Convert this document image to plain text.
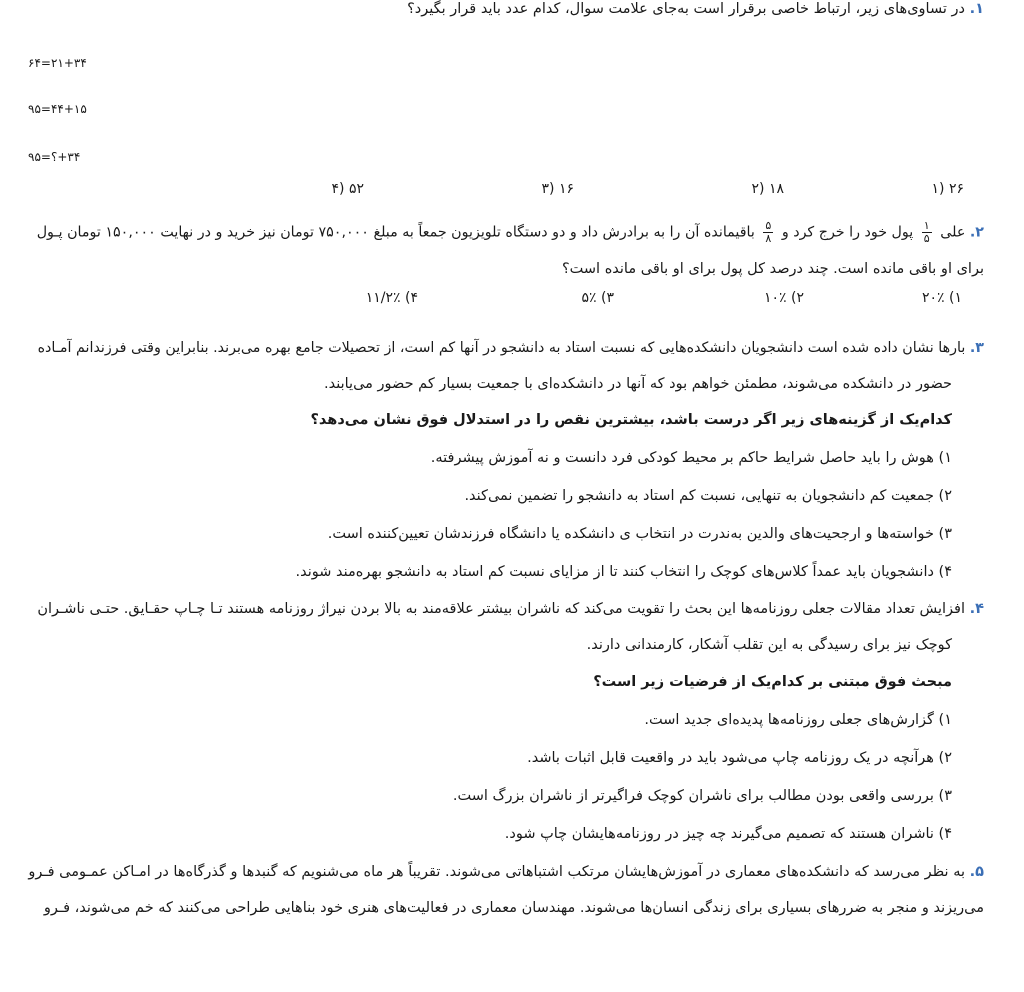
۱. در تساوی‌های زیر، ارتباط خاصی برقرار است به‌جای علامت سوال، کدام عدد باید قرار بگیرد؟
۲۱+۳۴=۶۴
۴۴+۱۵=۹۵
۳۴+؟=۹۵
۲۶ (۱
۱۸ (۲
۱۶ (۳
۵۲ (۴
۲. علی
$\frac{۱}{۵}$
پول خود را خرج کرد و
$\frac{۵}{۸}$
باقیمانده آن را به برادرش داد و دو دستگاه تلویزیون جمعاً به مبلغ ۷۵۰,۰۰۰ تومان نیز خرید و در نهایت ۱۵۰,۰۰۰ تومان پـول
برای او باقی مانده است. چند درصد کل پول برای او باقی مانده است؟
۱) ۲۰٪
۲) ۱۰٪
۳) ۵٪
۴) ۱۱/۲٪
۳. بارها نشان داده شده است دانشجویان دانشکده‌هایی که نسبت استاد به دانشجو در آنها کم است، از تحصیلات جامع بهره می‌برند. بنابراین وقتی فرزندانم آمـاده
حضور در دانشکده می‌شوند، مطمئن خواهم بود که آنها در دانشکده‌ای با جمعیت بسیار کم حضور می‌یابند.
کدام‌یک از گزینه‌های زیر اگر درست باشد، بیشترین نقص را در استدلال فوق نشان می‌دهد؟
۱) هوش را باید حاصل شرایط حاکم بر محیط کودکی فرد دانست و نه آموزش پیشرفته.
۲) جمعیت کم دانشجویان به تنهایی، نسبت کم استاد به دانشجو را تضمین نمی‌کند.
۳) خواسته‌ها و ارجحیت‌های والدین به‌ندرت در انتخاب ی دانشکده یا دانشگاه فرزندشان تعیین‌کننده است.
۴) دانشجویان باید عمداً کلاس‌های کوچک را انتخاب کنند تا از مزایای نسبت کم استاد به دانشجو بهره‌مند شوند.
۴. افزایش تعداد مقالات جعلی روزنامه‌ها این بحث را تقویت می‌کند که ناشران بیشتر علاقه‌مند به بالا بردن نیراژ روزنامه هستند تـا چـاپ حقـایق. حتـی ناشـران
کوچک نیز برای رسیدگی به این تقلب آشکار، کارمندانی دارند.
مبحث فوق مبتنی بر کدام‌یک از فرضیات زیر است؟
۱) گزارش‌های جعلی روزنامه‌ها پدیده‌ای جدید است.
۲) هرآنچه در یک روزنامه چاپ می‌شود باید در واقعیت قابل اثبات باشد.
۳) بررسی واقعی بودن مطالب برای ناشران کوچک فراگیرتر از ناشران بزرگ است.
۴) ناشران هستند که تصمیم می‌گیرند چه چیز در روزنامه‌هایشان چاپ شود.
۵. به نظر می‌رسد که دانشکده‌های معماری در آموزش‌هایشان مرتکب اشتباهاتی می‌شوند. تقریباً هر ماه می‌شنویم که گنبدها و گذرگاه‌ها در امـاکن عمـومی فـرو
می‌ریزند و منجر به ضررهای بسیاری برای زندگی انسان‌ها می‌شوند. مهندسان معماری در فعالیت‌های هنری خود بناهایی طراحی می‌کنند که خم می‌شوند، فـرو
